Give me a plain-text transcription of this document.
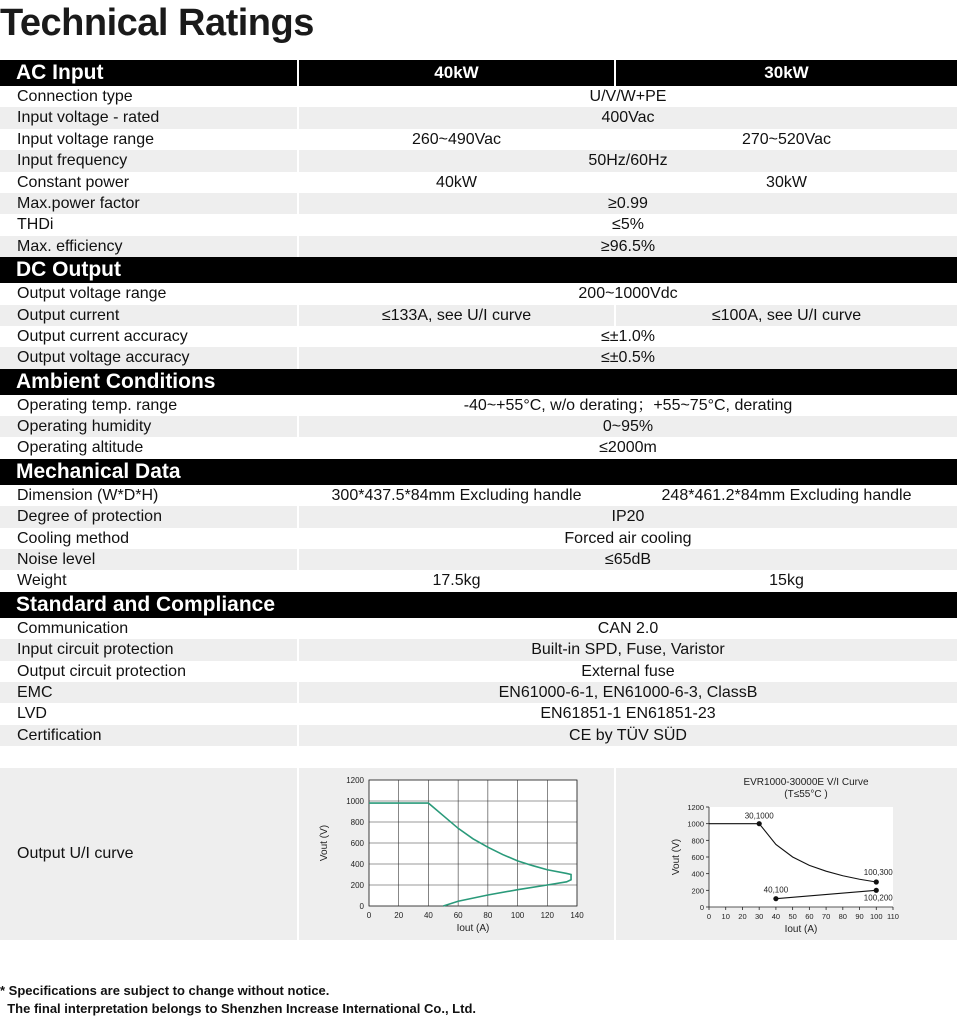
Technical Ratings
AC Input	40kW	30kW
Connection type	U/V/W+PE
Input voltage - rated	400Vac
Input voltage range	260~490Vac	270~520Vac
Input frequency	50Hz/60Hz
Constant power	40kW	30kW
Max.power factor	≥0.99
THDi	≤5%
Max. efficiency	≥96.5%
DC Output
Output voltage range	200~1000Vdc
Output current	≤133A, see U/I curve	≤100A, see U/I curve
Output current accuracy	≤±1.0%
Output voltage accuracy	≤±0.5%
Ambient Conditions
Operating temp. range	-40~+55°C, w/o derating；+55~75°C, derating
Operating humidity	0~95%
Operating altitude	≤2000m
Mechanical Data
Dimension (W*D*H)	300*437.5*84mm Excluding handle	248*461.2*84mm Excluding handle
Degree of protection	IP20
Cooling method	Forced air cooling
Noise level	≤65dB
Weight	17.5kg	15kg
Standard and Compliance
Communication	CAN 2.0
Input circuit protection	Built-in SPD, Fuse, Varistor
Output circuit protection	External fuse
EMC	EN61000-6-1, EN61000-6-3, ClassB
LVD	EN61851-1 EN61851-23
Certification	CE by TÜV SÜD
Output U/I curve
0	20	40	60	80 100 120 140
0
200
400
600
800
1000
1200
Iout (A)
Vout (V)
0 10 20 30 40 50 60 70 80 90 100 110
0
200
400
600
800
1000
1200
Iout (A)
Vout (V)
EVR1000-30000E V/I Curve
(T≤55°C )
30,1000
100,300
40,100
100,200
* Specifications are subject to change without notice.
The final interpretation belongs to Shenzhen Increase International Co., Ltd.
